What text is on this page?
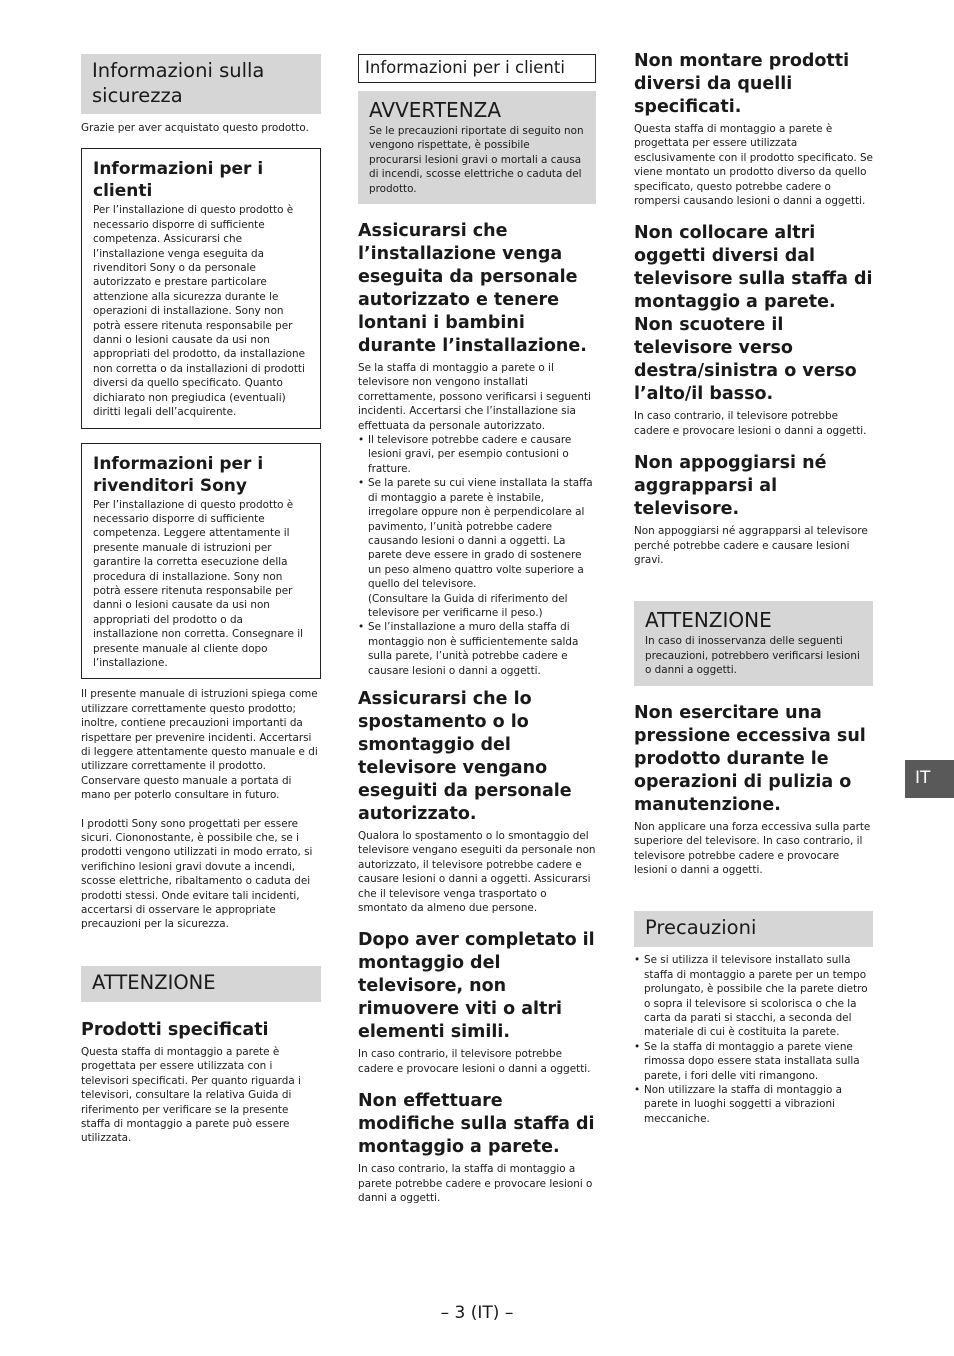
Informazioni sulla sicurezza

Grazie per aver acquistato questo prodotto.

Informazioni per i clienti

Per l’installazione di questo prodotto è necessario disporre di sufficiente competenza. Assicurarsi che l’installazione venga eseguita da rivenditori Sony o da personale autorizzato e prestare particolare attenzione alla sicurezza durante le operazioni di installazione. Sony non potrà essere ritenuta responsabile per danni o lesioni causate da usi non appropriati del prodotto, da installazione non corretta o da installazioni di prodotti diversi da quello specificato. Quanto dichiarato non pregiudica (eventuali) diritti legali dell’acquirente.

Informazioni per i rivenditori Sony

Per l’installazione di questo prodotto è necessario disporre di sufficiente competenza. Leggere attentamente il presente manuale di istruzioni per garantire la corretta esecuzione della procedura di installazione. Sony non potrà essere ritenuta responsabile per danni o lesioni causate da usi non appropriati del prodotto o da installazione non corretta. Consegnare il presente manuale al cliente dopo l’installazione.

Il presente manuale di istruzioni spiega come utilizzare correttamente questo prodotto; inoltre, contiene precauzioni importanti da rispettare per prevenire incidenti. Accertarsi di leggere attentamente questo manuale e di utilizzare correttamente il prodotto. Conservare questo manuale a portata di mano per poterlo consultare in futuro.

I prodotti Sony sono progettati per essere sicuri. Ciononostante, è possibile che, se i prodotti vengono utilizzati in modo errato, si verifichino lesioni gravi dovute a incendi, scosse elettriche, ribaltamento o caduta dei prodotti stessi. Onde evitare tali incidenti, accertarsi di osservare le appropriate precauzioni per la sicurezza.

ATTENZIONE

Prodotti specificati

Questa staffa di montaggio a parete è progettata per essere utilizzata con i televisori specificati. Per quanto riguarda i televisori, consultare la relativa Guida di riferimento per verificare se la presente staffa di montaggio a parete può essere utilizzata.

Informazioni per i clienti

AVVERTENZA

Se le precauzioni riportate di seguito non vengono rispettate, è possibile procurarsi lesioni gravi o mortali a causa di incendi, scosse elettriche o caduta del prodotto.

Assicurarsi che l’installazione venga eseguita da personale autorizzato e tenere lontani i bambini durante l’installazione.

Se la staffa di montaggio a parete o il televisore non vengono installati correttamente, possono verificarsi i seguenti incidenti. Accertarsi che l’installazione sia effettuata da personale autorizzato.

• Il televisore potrebbe cadere e causare lesioni gravi, per esempio contusioni o fratture.
• Se la parete su cui viene installata la staffa di montaggio a parete è instabile, irregolare oppure non è perpendicolare al pavimento, l’unità potrebbe cadere causando lesioni o danni a oggetti. La parete deve essere in grado di sostenere un peso almeno quattro volte superiore a quello del televisore.
(Consultare la Guida di riferimento del televisore per verificarne il peso.)
• Se l’installazione a muro della staffa di montaggio non è sufficientemente salda sulla parete, l’unità potrebbe cadere e causare lesioni o danni a oggetti.

Assicurarsi che lo spostamento o lo smontaggio del televisore vengano eseguiti da personale autorizzato.

Qualora lo spostamento o lo smontaggio del televisore vengano eseguiti da personale non autorizzato, il televisore potrebbe cadere e causare lesioni o danni a oggetti. Assicurarsi che il televisore venga trasportato o smontato da almeno due persone.

Dopo aver completato il montaggio del televisore, non rimuovere viti o altri elementi simili.

In caso contrario, il televisore potrebbe cadere e provocare lesioni o danni a oggetti.

Non effettuare modifiche sulla staffa di montaggio a parete.

In caso contrario, la staffa di montaggio a parete potrebbe cadere e provocare lesioni o danni a oggetti.

Non montare prodotti diversi da quelli specificati.

Questa staffa di montaggio a parete è progettata per essere utilizzata esclusivamente con il prodotto specificato. Se viene montato un prodotto diverso da quello specificato, questo potrebbe cadere o rompersi causando lesioni o danni a oggetti.

Non collocare altri oggetti diversi dal televisore sulla staffa di montaggio a parete.

Non scuotere il televisore verso destra/sinistra o verso l’alto/il basso.

In caso contrario, il televisore potrebbe cadere e provocare lesioni o danni a oggetti.

Non appoggiarsi né aggrapparsi al televisore.

Non appoggiarsi né aggrapparsi al televisore perché potrebbe cadere e causare lesioni gravi.

ATTENZIONE

In caso di inosservanza delle seguenti precauzioni, potrebbero verificarsi lesioni o danni a oggetti.

Non esercitare una pressione eccessiva sul prodotto durante le operazioni di pulizia o manutenzione.

Non applicare una forza eccessiva sulla parte superiore del televisore. In caso contrario, il televisore potrebbe cadere e provocare lesioni o danni a oggetti.

Precauzioni
• Se si utilizza il televisore installato sulla staffa di montaggio a parete per un tempo prolungato, è possibile che la parete dietro o sopra il televisore si scolorisca o che la carta da parati si stacchi, a seconda del materiale di cui è costituita la parete.
• Se la staffa di montaggio a parete viene rimossa dopo essere stata installata sulla parete, i fori delle viti rimangono.
• Non utilizzare la staffa di montaggio a parete in luoghi soggetti a vibrazioni meccaniche.
IT
– 3 (IT) –
